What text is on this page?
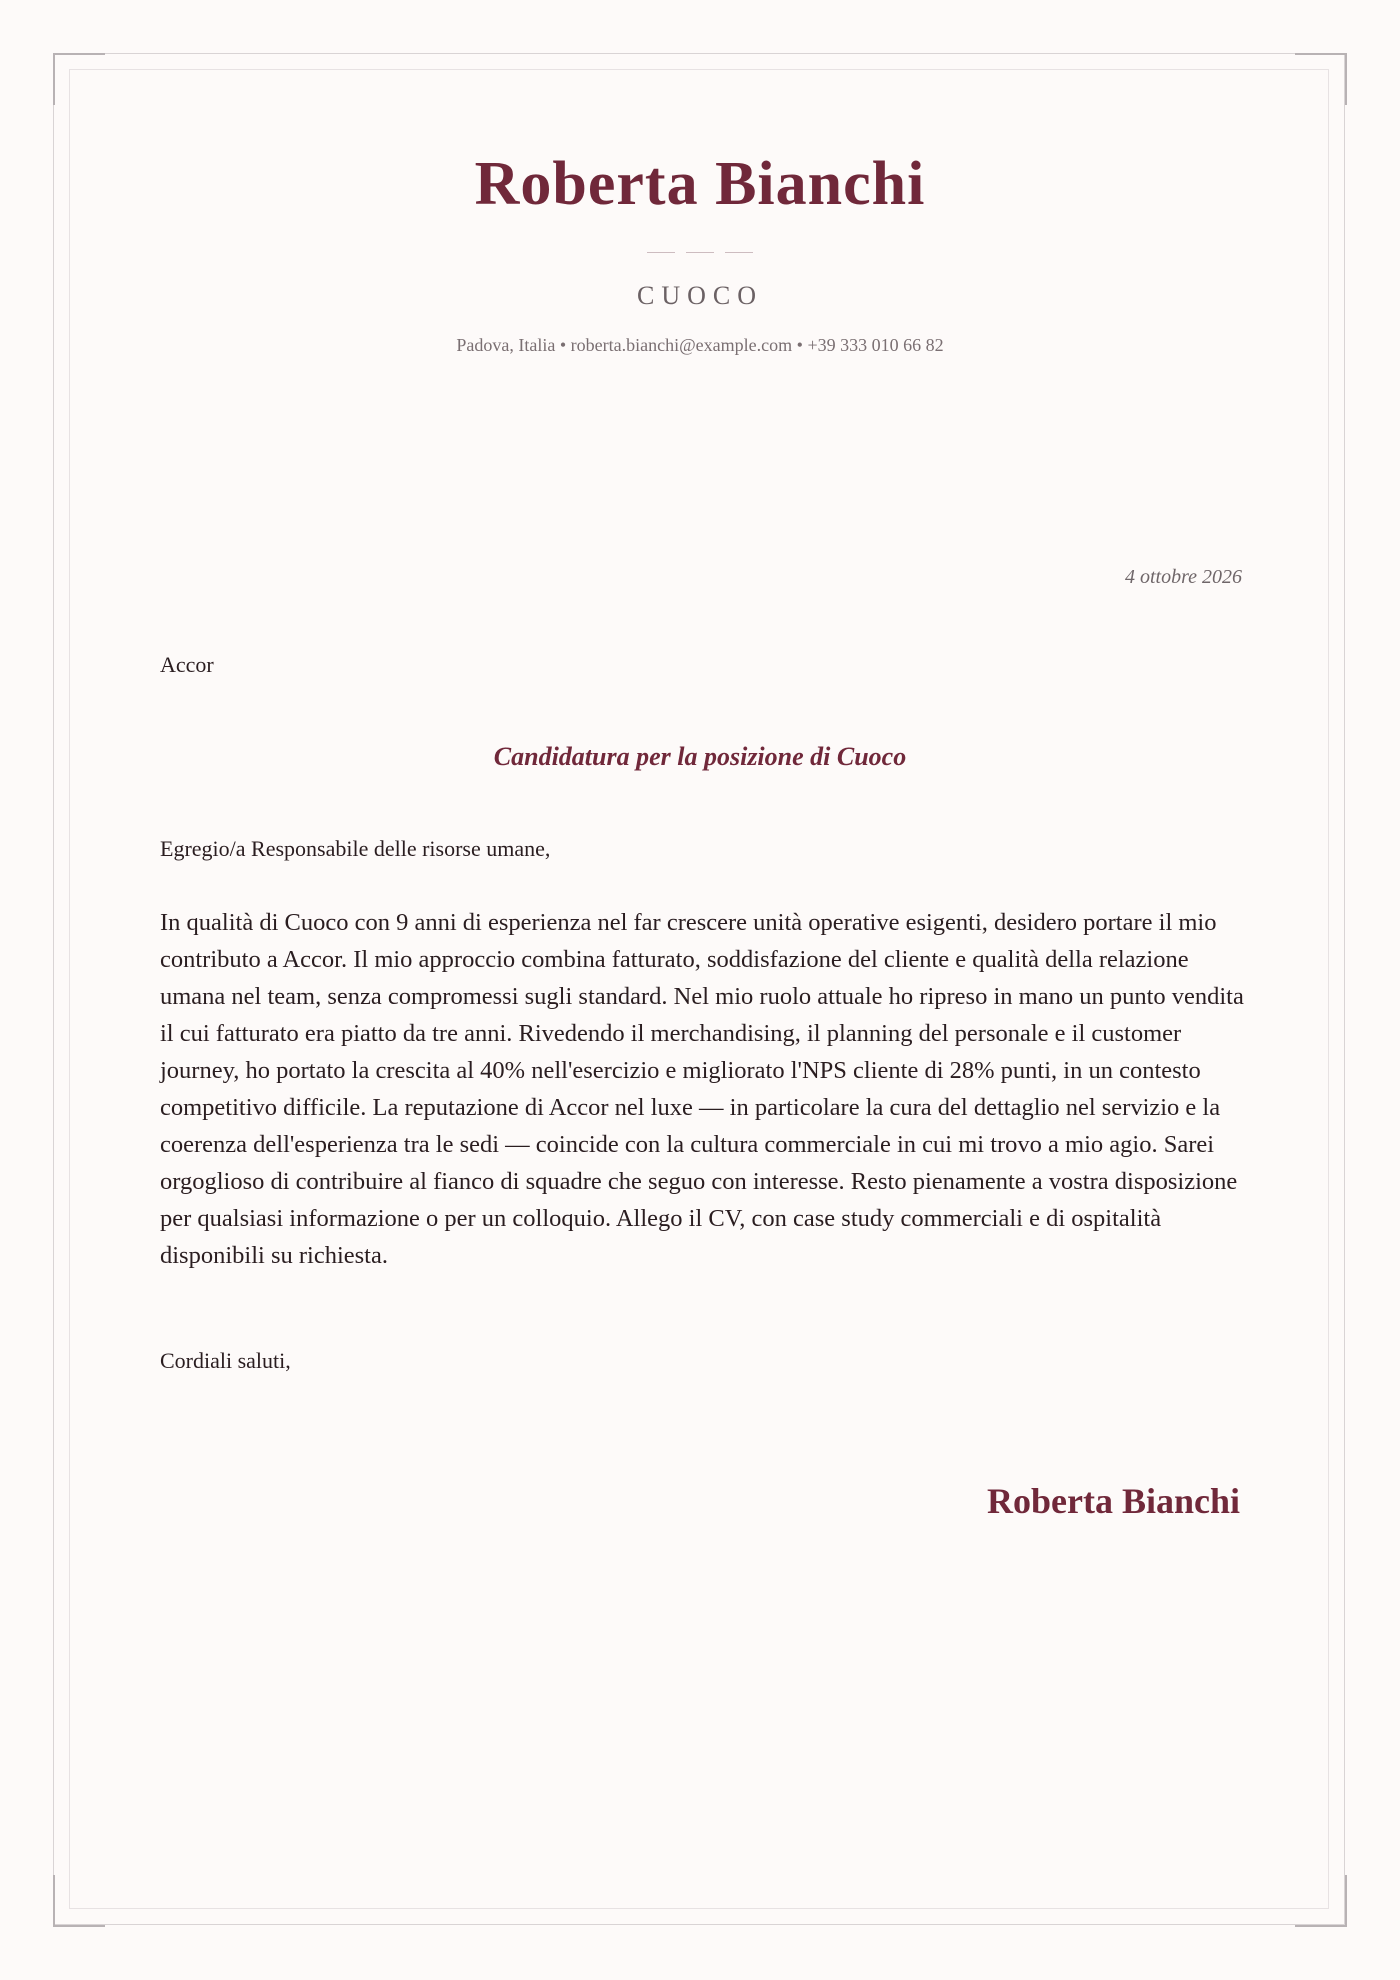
Roberta Bianchi
CUOCO
Padova, Italia • roberta.bianchi@example.com • +39 333 010 66 82
4 ottobre 2026
Accor
Candidatura per la posizione di Cuoco
Egregio/a Responsabile delle risorse umane,
In qualità di Cuoco con 9 anni di esperienza nel far crescere unità operative esigenti, desidero portare il mio contributo a Accor. Il mio approccio combina fatturato, soddisfazione del cliente e qualità della relazione umana nel team, senza compromessi sugli standard. Nel mio ruolo attuale ho ripreso in mano un punto vendita il cui fatturato era piatto da tre anni. Rivedendo il merchandising, il planning del personale e il customer journey, ho portato la crescita al 40% nell'esercizio e migliorato l'NPS cliente di 28% punti, in un contesto competitivo difficile. La reputazione di Accor nel luxe — in particolare la cura del dettaglio nel servizio e la coerenza dell'esperienza tra le sedi — coincide con la cultura commerciale in cui mi trovo a mio agio. Sarei orgoglioso di contribuire al fianco di squadre che seguo con interesse. Resto pienamente a vostra disposizione per qualsiasi informazione o per un colloquio. Allego il CV, con case study commerciali e di ospitalità disponibili su richiesta.
Cordiali saluti,
Roberta Bianchi
